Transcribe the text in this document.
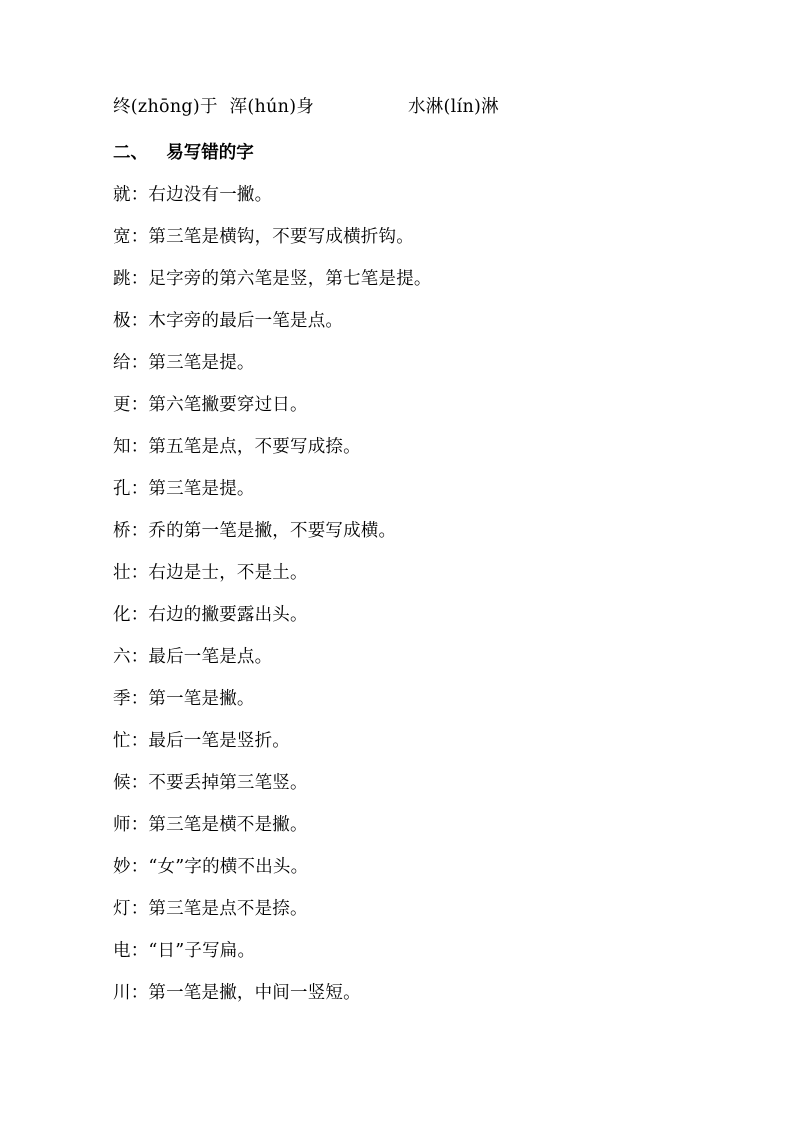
终(zhōng)于  浑(hún)身                水淋(lín)淋
二、   易写错的字
就：右边没有一撇。
宽：第三笔是横钩，不要写成横折钩。
跳：足字旁的第六笔是竖，第七笔是提。
极：木字旁的最后一笔是点。
给：第三笔是提。
更：第六笔撇要穿过日。
知：第五笔是点，不要写成捺。
孔：第三笔是提。
桥：乔的第一笔是撇，不要写成横。
壮：右边是士，不是土。
化：右边的撇要露出头。
六：最后一笔是点。
季：第一笔是撇。
忙：最后一笔是竖折。
候：不要丢掉第三笔竖。
师：第三笔是横不是撇。
妙：“女”字的横不出头。
灯：第三笔是点不是捺。
电：“日”子写扁。
川：第一笔是撇，中间一竖短。
